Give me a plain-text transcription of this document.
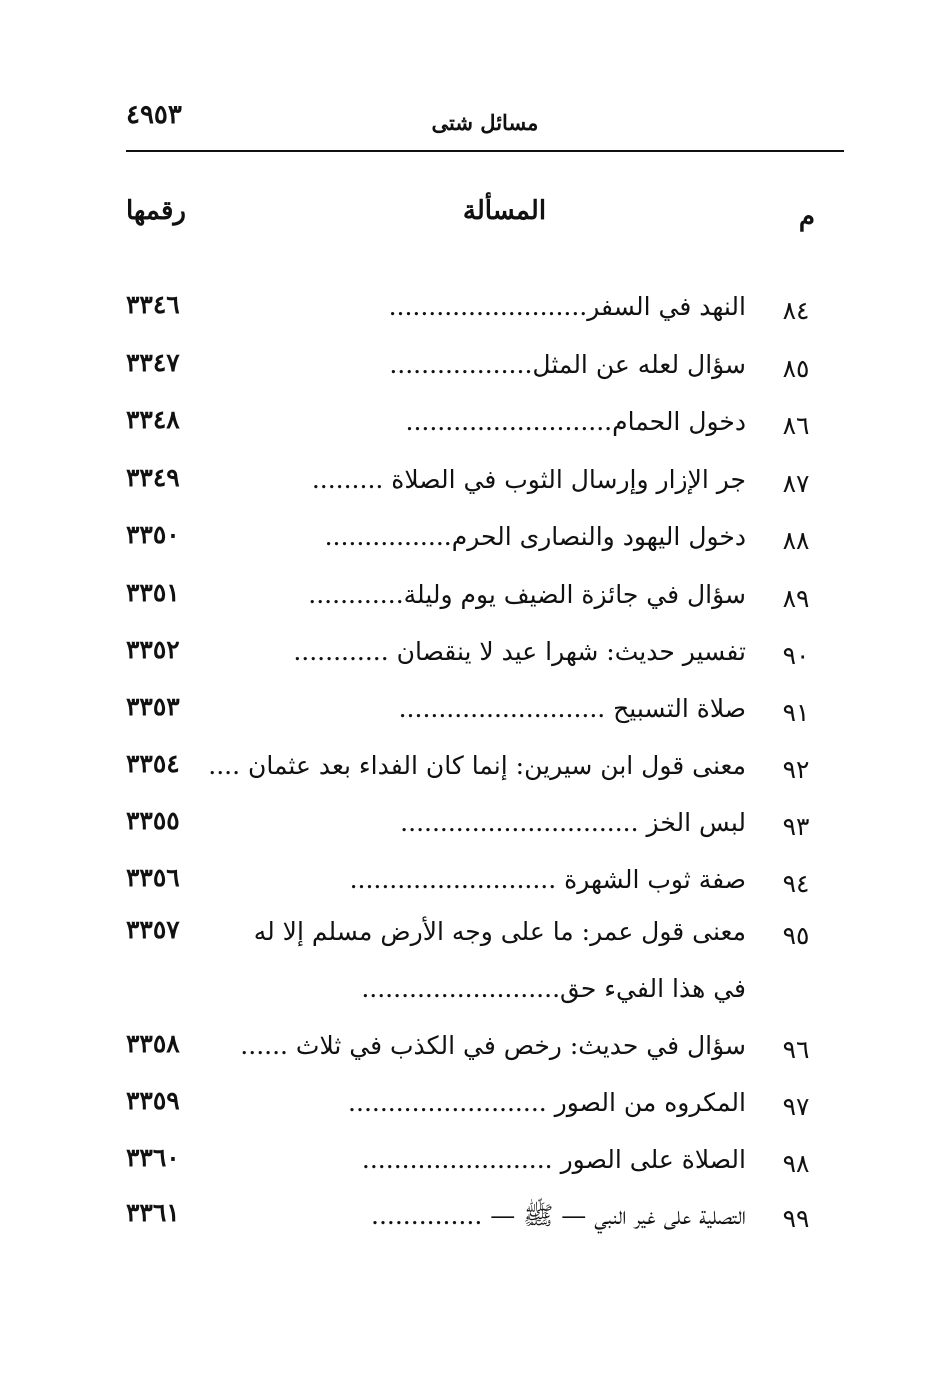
٤٩٥٣	مسائل شتى
م
المسألة
رقمها
٨٤
النهد في السفر.........................
٣٣٤٦
٨٥
سؤال لعله عن المثل..................
٣٣٤٧
٨٦
دخول الحمام..........................
٣٣٤٨
٨٧
جر الإزار وإرسال الثوب في الصلاة .........
٣٣٤٩
٨٨
دخول اليهود والنصارى الحرم................
٣٣٥٠
٨٩
سؤال في جائزة الضيف يوم وليلة............
٣٣٥١
٩٠
تفسير حديث: شهرا عيد لا ينقصان ............
٣٣٥٢
٩١
صلاة التسبيح ..........................
٣٣٥٣
٩٢
معنى قول ابن سيرين: إنما كان الفداء بعد عثمان ....
٣٣٥٤
٩٣
لبس الخز ..............................
٣٣٥٥
٩٤
صفة ثوب الشهرة ..........................
٣٣٥٦
٩٥
معنى قول عمر: ما على وجه الأرض مسلم إلا له
٣٣٥٧
في هذا الفيء حق.........................
٩٦
سؤال في حديث: رخص في الكذب في ثلاث ......
٣٣٥٨
٩٧
المكروه من الصور .........................
٣٣٥٩
٩٨
الصلاة على الصور ........................
٣٣٦٠
٩٩
التصلية على غير النبي — ﷺ — ..............
٣٣٦١
